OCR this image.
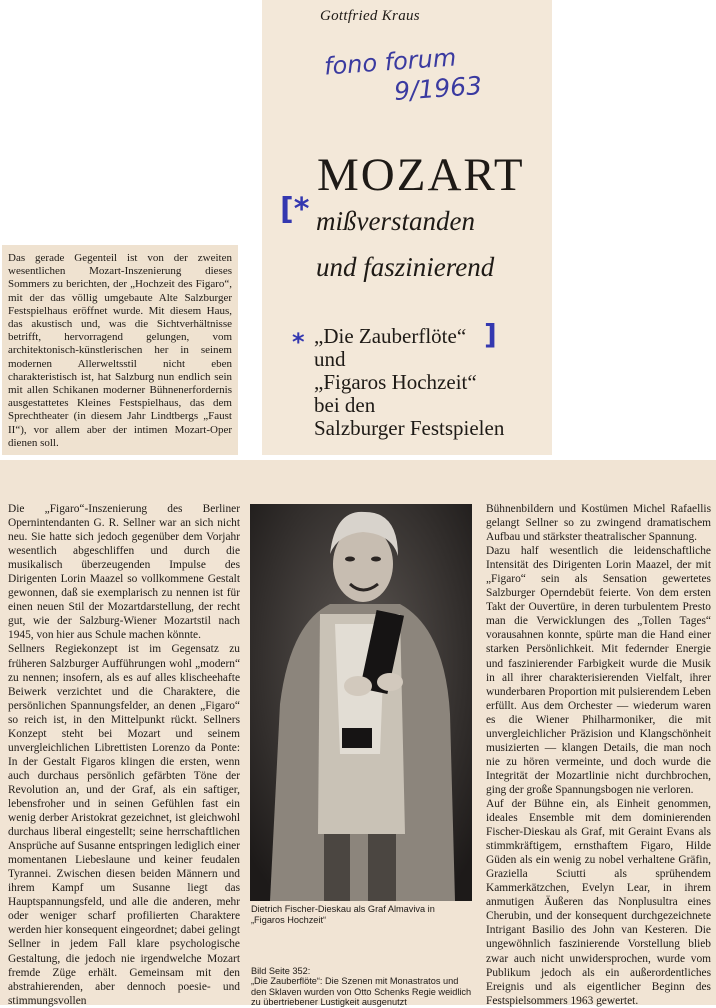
Gottfried Kraus
fono forum
9/1963
MOZART
[* mißverstanden
und faszinierend
*	]
„Die Zauberflöte“
und
„Figaros Hochzeit“
bei den
Salzburger Festspielen

Das gerade Gegenteil ist von der zweiten wesentlichen Mozart-Inszenierung dieses Sommers zu berichten, der „Hochzeit des Figaro“, mit der das völlig umgebaute Alte Salzburger Festspielhaus eröffnet wurde. Mit diesem Haus, das akustisch und, was die Sichtverhältnisse betrifft, hervorragend gelungen, vom architektonisch-künstlerischen her in seinem modernen Allerweltsstil nicht eben charakteristisch ist, hat Salzburg nun endlich sein mit allen Schikanen moderner Bühnenerfordernis ausgestattetes Kleines Festspielhaus, das dem Sprechtheater (in diesem Jahr Lindtbergs „Faust II“), vor allem aber der intimen Mozart-Oper dienen soll.

Die „Figaro“-Inszenierung des Berliner Opernintendanten G. R. Sellner war an sich nicht neu. Sie hatte sich jedoch gegenüber dem Vorjahr wesentlich abgeschliffen und durch die musikalisch überzeugenden Impulse des Dirigenten Lorin Maazel so vollkommene Gestalt gewonnen, daß sie exemplarisch zu nennen ist für einen neuen Stil der Mozartdarstellung, der recht gut, wie der Salzburg-Wiener Mozartstil nach 1945, von hier aus Schule machen könnte.

Sellners Regiekonzept ist im Gegensatz zu früheren Salzburger Aufführungen wohl „modern“ zu nennen; insofern, als es auf alles klischeehafte Beiwerk verzichtet und die Charaktere, die persönlichen Spannungsfelder, an denen „Figaro“ so reich ist, in den Mittelpunkt rückt. Sellners Konzept steht bei Mozart und seinem unvergleichlichen Librettisten Lorenzo da Ponte: In der Gestalt Figaros klingen die ersten, wenn auch durchaus persönlich gefärbten Töne der Revolution an, und der Graf, als ein saftiger, lebensfroher und in seinen Gefühlen fast ein wenig derber Aristokrat gezeichnet, ist gleichwohl durchaus liberal eingestellt; seine herrschaftlichen Ansprüche auf Susanne entspringen lediglich einer momentanen Liebeslaune und keiner feudalen Tyrannei. Zwischen diesen beiden Männern und ihrem Kampf um Susanne liegt das Hauptspannungsfeld, und alle die anderen, mehr oder weniger scharf profilierten Charaktere werden hier konsequent eingeordnet; dabei gelingt Sellner in jedem Fall klare psychologische Gestaltung, die jedoch nie irgendwelche Mozart fremde Züge erhält. Gemeinsam mit den abstrahierenden, aber dennoch poesie- und stimmungsvollen

Dietrich Fischer-Dieskau als Graf Almaviva in „Figaros Hochzeit“
Bild Seite 352:
„Die Zauberflöte“: Die Szenen mit Monastratos und den Sklaven wurden von Otto Schenks Regie weidlich zu übertriebener Lustigkeit ausgenutzt

Bühnenbildern und Kostümen Michel Rafaellis gelangt Sellner so zu zwingend dramatischem Aufbau und stärkster theatralischer Spannung.

Dazu half wesentlich die leidenschaftliche Intensität des Dirigenten Lorin Maazel, der mit „Figaro“ sein als Sensation gewertetes Salzburger Operndebüt feierte. Von dem ersten Takt der Ouvertüre, in deren turbulentem Presto man die Verwicklungen des „Tollen Tages“ vorausahnen konnte, spürte man die Hand einer starken Persönlichkeit. Mit federnder Energie und faszinierender Farbigkeit wurde die Musik in all ihrer charakterisierenden Vielfalt, ihrer wunderbaren Proportion mit pulsierendem Leben erfüllt. Aus dem Orchester — wiederum waren es die Wiener Philharmoniker, die mit unvergleichlicher Präzision und Klangschönheit musizierten — klangen Details, die man noch nie zu hören vermeinte, und doch wurde die Integrität der Mozartlinie nicht durchbrochen, ging der große Spannungsbogen nie verloren.

Auf der Bühne ein, als Einheit genommen, ideales Ensemble mit dem dominierenden Fischer-Dieskau als Graf, mit Geraint Evans als stimmkräftigem, ernsthaftem Figaro, Hilde Güden als ein wenig zu nobel verhaltene Gräfin, Graziella Sciutti als sprühendem Kammerkätzchen, Evelyn Lear, in ihrem anmutigen Äußeren das Nonplusultra eines Cherubin, und der konsequent durchgezeichnete Intrigant Basilio des John van Kesteren. Die ungewöhnlich faszinierende Vorstellung blieb zwar auch nicht unwidersprochen, wurde vom Publikum jedoch als ein außerordentliches Ereignis und als eigentlicher Beginn des Festspielsommers 1963 gewertet.
